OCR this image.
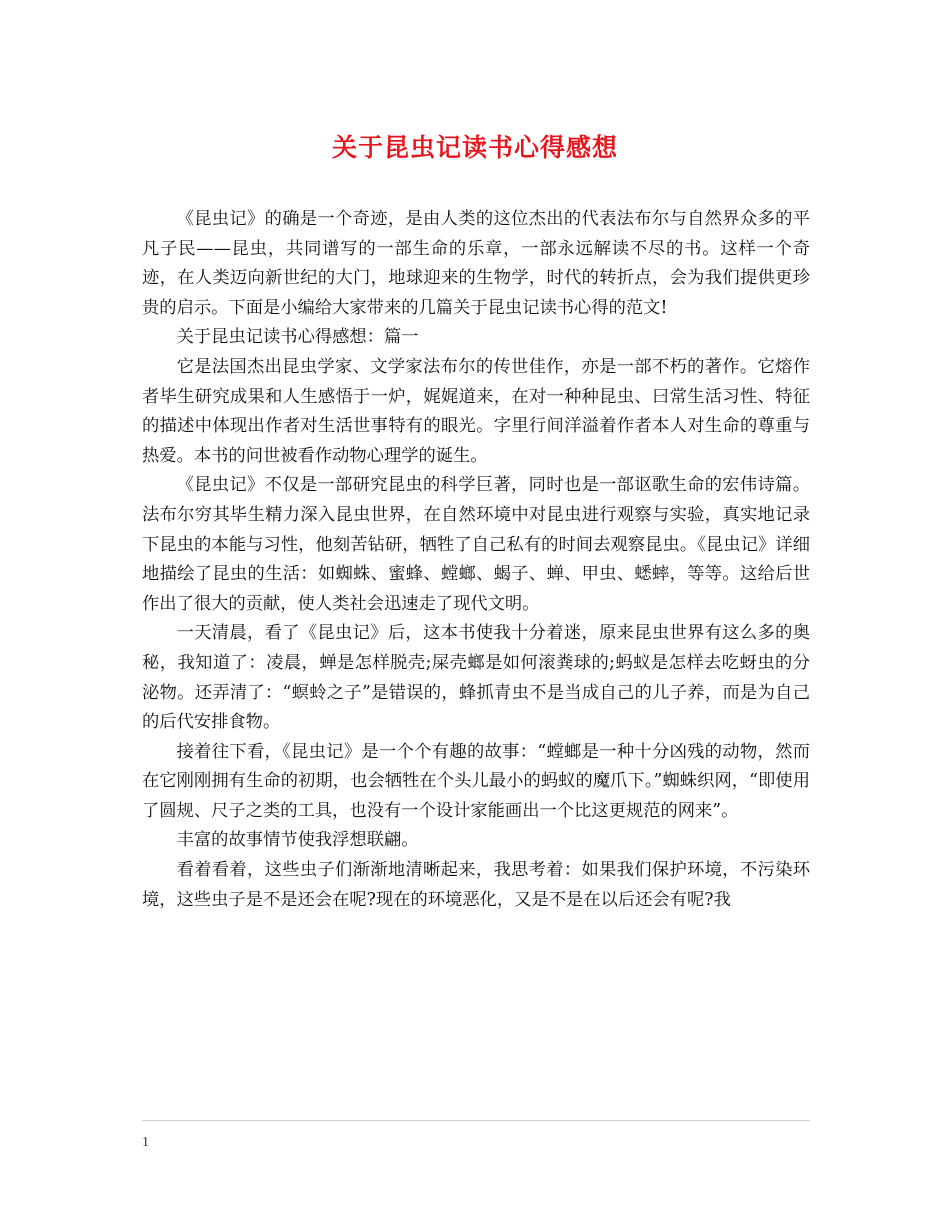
关于昆虫记读书心得感想

《昆虫记》的确是一个奇迹，是由人类的这位杰出的代表法布尔与自然界众多的平凡子民——昆虫，共同谱写的一部生命的乐章，一部永远解读不尽的书。这样一个奇迹，在人类迈向新世纪的大门，地球迎来的生物学，时代的转折点，会为我们提供更珍贵的启示。下面是小编给大家带来的几篇关于昆虫记读书心得的范文!

关于昆虫记读书心得感想：篇一

它是法国杰出昆虫学家、文学家法布尔的传世佳作，亦是一部不朽的著作。它熔作者毕生研究成果和人生感悟于一炉，娓娓道来，在对一种种昆虫、曰常生活习性、特征的描述中体现出作者对生活世事特有的眼光。字里行间洋溢着作者本人对生命的尊重与热爱。本书的问世被看作动物心理学的诞生。

《昆虫记》不仅是一部研究昆虫的科学巨著，同时也是一部讴歌生命的宏伟诗篇。法布尔穷其毕生精力深入昆虫世界，在自然环境中对昆虫进行观察与实验，真实地记录下昆虫的本能与习性，他刻苦钻研，牺牲了自己私有的时间去观察昆虫。《昆虫记》详细地描绘了昆虫的生活：如蜘蛛、蜜蜂、螳螂、蝎子、蝉、甲虫、蟋蟀，等等。这给后世作出了很大的贡献，使人类社会迅速走了现代文明。

一天清晨，看了《昆虫记》后，这本书使我十分着迷，原来昆虫世界有这么多的奥秘，我知道了：凌晨，蝉是怎样脱壳;屎壳螂是如何滚粪球的;蚂蚁是怎样去吃蚜虫的分泌物。还弄清了：“螟蛉之子”是错误的，蜂抓青虫不是当成自己的儿子养，而是为自己的后代安排食物。

接着往下看，《昆虫记》是一个个有趣的故事：“螳螂是一种十分凶残的动物，然而在它刚刚拥有生命的初期，也会牺牲在个头儿最小的蚂蚁的魔爪下。”蜘蛛织网，“即使用了圆规、尺子之类的工具，也没有一个设计家能画出一个比这更规范的网来”。

丰富的故事情节使我浮想联翩。

看着看着，这些虫子们渐渐地清晰起来，我思考着：如果我们保护环境，不污染环境，这些虫子是不是还会在呢?现在的环境恶化，又是不是在以后还会有呢?我

1
